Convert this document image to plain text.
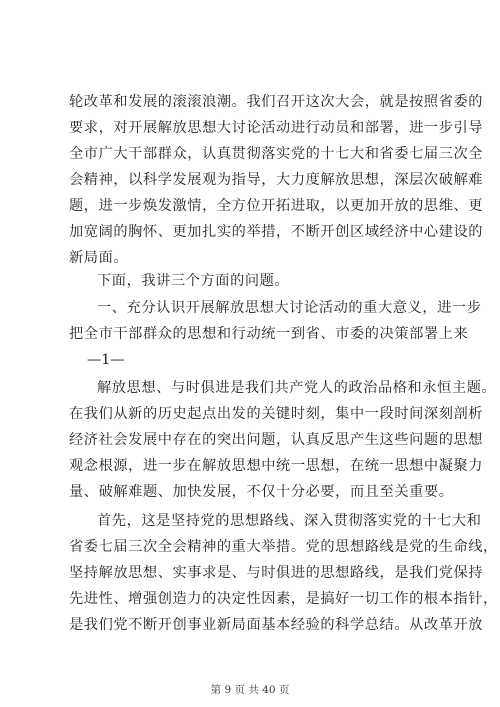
轮改革和发展的滚滚浪潮。我们召开这次大会，就是按照省委的
要求，对开展解放思想大讨论活动进行动员和部署，进一步引导
全市广大干部群众，认真贯彻落实党的十七大和省委七届三次全
会精神，以科学发展观为指导，大力度解放思想，深层次破解难
题，进一步焕发激情，全方位开拓进取，以更加开放的思维、更
加宽阔的胸怀、更加扎实的举措，不断开创区域经济中心建设的
新局面。
下面，我讲三个方面的问题。
一、充分认识开展解放思想大讨论活动的重大意义，进一步
把全市干部群众的思想和行动统一到省、市委的决策部署上来
—1—
解放思想、与时俱进是我们共产党人的政治品格和永恒主题。
在我们从新的历史起点出发的关键时刻，集中一段时间深刻剖析
经济社会发展中存在的突出问题，认真反思产生这些问题的思想
观念根源，进一步在解放思想中统一思想，在统一思想中凝聚力
量、破解难题、加快发展，不仅十分必要，而且至关重要。
首先，这是坚持党的思想路线、深入贯彻落实党的十七大和
省委七届三次全会精神的重大举措。党的思想路线是党的生命线，
坚持解放思想、实事求是、与时俱进的思想路线，是我们党保持
先进性、增强创造力的决定性因素，是搞好一切工作的根本指针，
是我们党不断开创事业新局面基本经验的科学总结。从改革开放
第 9 页 共 40 页
